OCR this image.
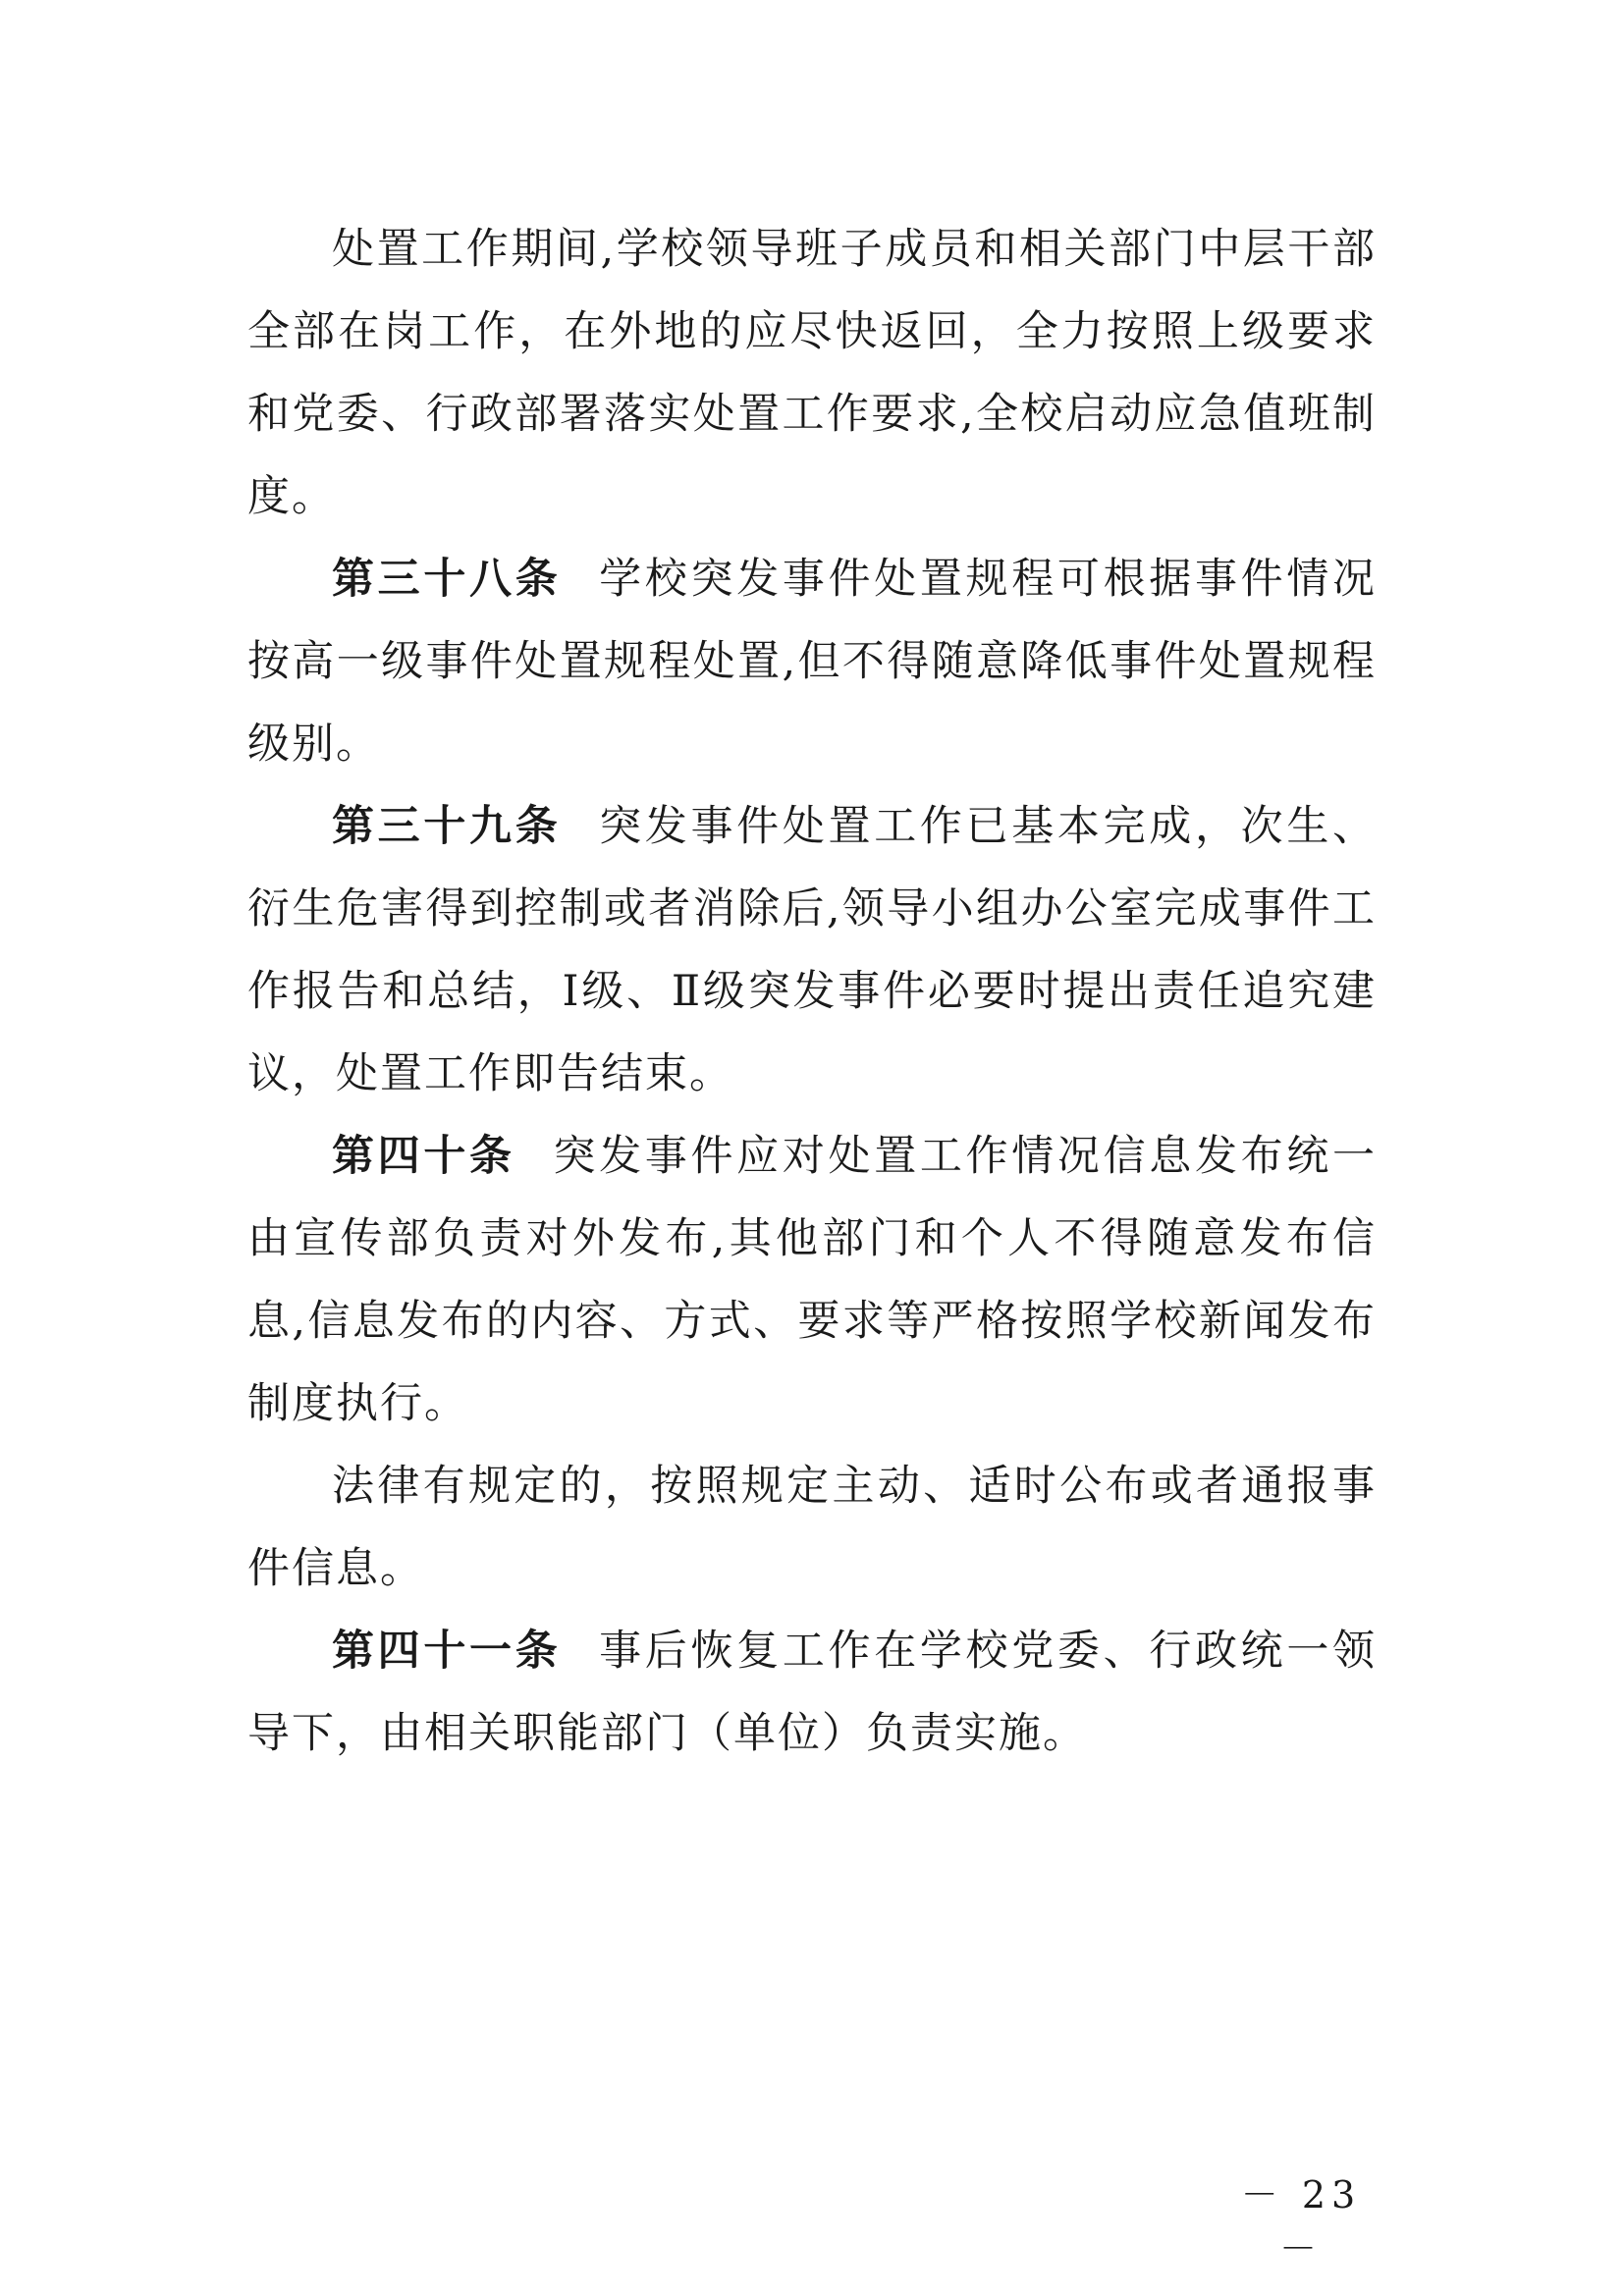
处置工作期间,学校领导班子成员和相关部门中层干部全部在岗工作，在外地的应尽快返回，全力按照上级要求和党委、行政部署落实处置工作要求,全校启动应急值班制度。

第三十八条 学校突发事件处置规程可根据事件情况按高一级事件处置规程处置,但不得随意降低事件处置规程级别。

第三十九条 突发事件处置工作已基本完成，次生、衍生危害得到控制或者消除后,领导小组办公室完成事件工作报告和总结，Ⅰ级、Ⅱ级突发事件必要时提出责任追究建议，处置工作即告结束。

第四十条 突发事件应对处置工作情况信息发布统一由宣传部负责对外发布,其他部门和个人不得随意发布信息,信息发布的内容、方式、要求等严格按照学校新闻发布制度执行。

法律有规定的，按照规定主动、适时公布或者通报事件信息。

第四十一条 事后恢复工作在学校党委、行政统一领导下，由相关职能部门（单位）负责实施。

－ 23 －
